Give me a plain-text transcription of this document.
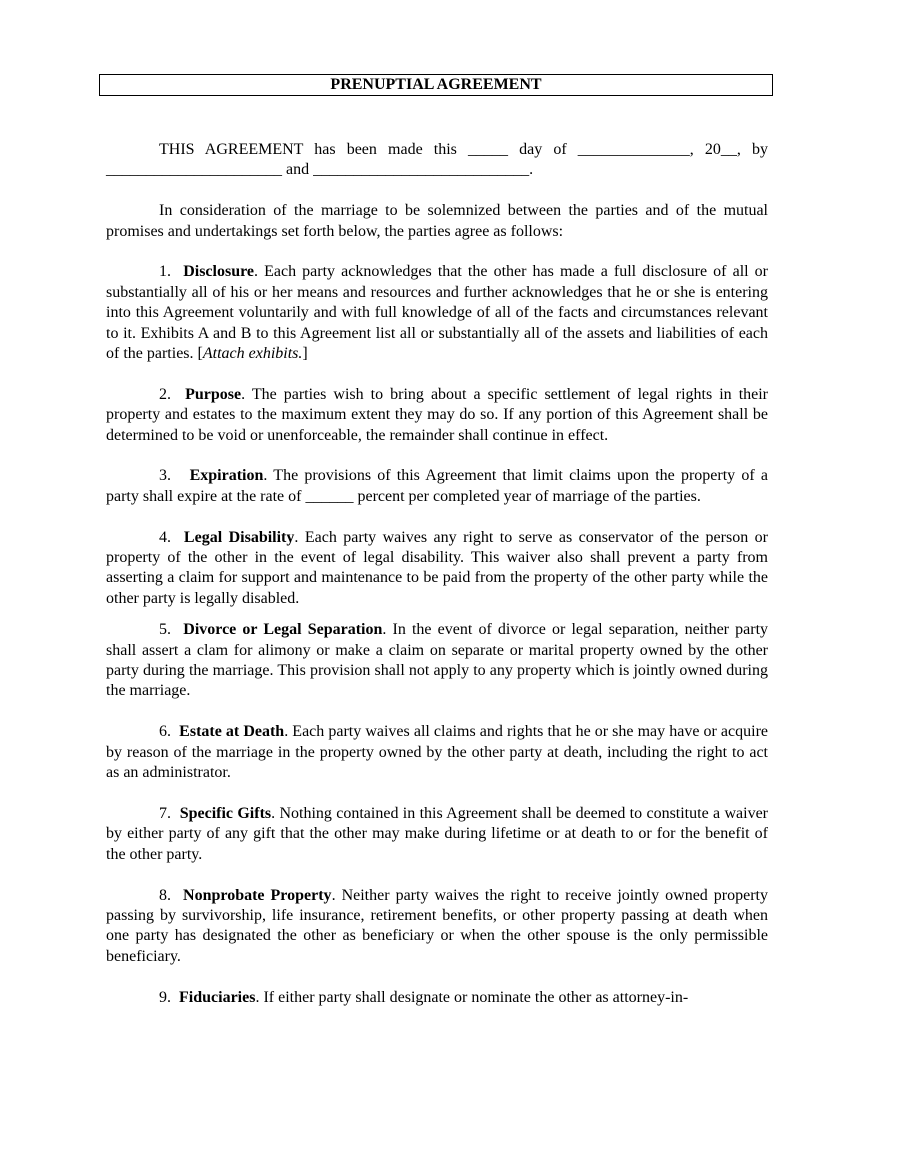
PRENUPTIAL AGREEMENT

THIS AGREEMENT has been made this _____ day of ______________, 20__, by ______________________ and ___________________________.

In consideration of the marriage to be solemnized between the parties and of the mutual promises and undertakings set forth below, the parties agree as follows:

1. Disclosure. Each party acknowledges that the other has made a full disclosure of all or substantially all of his or her means and resources and further acknowledges that he or she is entering into this Agreement voluntarily and with full knowledge of all of the facts and circumstances relevant to it. Exhibits A and B to this Agreement list all or substantially all of the assets and liabilities of each of the parties. [Attach exhibits.]

2. Purpose. The parties wish to bring about a specific settlement of legal rights in their property and estates to the maximum extent they may do so. If any portion of this Agreement shall be determined to be void or unenforceable, the remainder shall continue in effect.

3. Expiration. The provisions of this Agreement that limit claims upon the property of a party shall expire at the rate of ______ percent per completed year of marriage of the parties.

4. Legal Disability. Each party waives any right to serve as conservator of the person or property of the other in the event of legal disability. This waiver also shall prevent a party from asserting a claim for support and maintenance to be paid from the property of the other party while the other party is legally disabled.

5. Divorce or Legal Separation. In the event of divorce or legal separation, neither party shall assert a clam for alimony or make a claim on separate or marital property owned by the other party during the marriage. This provision shall not apply to any property which is jointly owned during the marriage.

6. Estate at Death. Each party waives all claims and rights that he or she may have or acquire by reason of the marriage in the property owned by the other party at death, including the right to act as an administrator.

7. Specific Gifts. Nothing contained in this Agreement shall be deemed to constitute a waiver by either party of any gift that the other may make during lifetime or at death to or for the benefit of the other party.

8. Nonprobate Property. Neither party waives the right to receive jointly owned property passing by survivorship, life insurance, retirement benefits, or other property passing at death when one party has designated the other as beneficiary or when the other spouse is the only permissible beneficiary.

9. Fiduciaries. If either party shall designate or nominate the other as attorney-in-
